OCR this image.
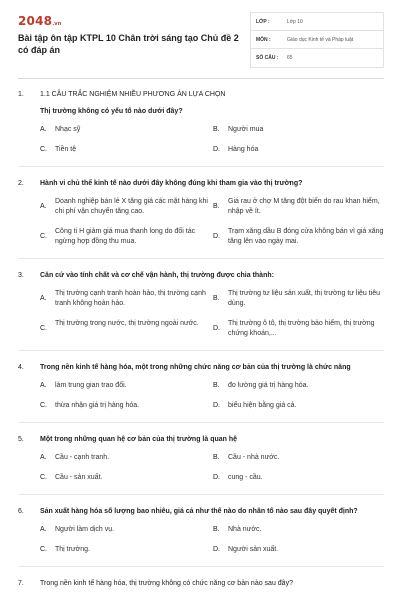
2048.vn
Bài tập ôn tập KTPL 10 Chân trời sáng tạo Chủ đề 2 có đáp án
LỚP :	Lớp 10
MÔN :	Giáo dục Kinh tế và Pháp luật
SỐ CÂU :	65
1.	1.1 CÂU TRẮC NGHIỆM NHIỀU PHƯƠNG ÁN LỰA CHỌN
Thị trường không có yếu tố nào dưới đây?
A.	Nhạc sỹ	B.	Người mua
C.	Tiền tệ	D.	Hàng hóa
2.	Hành vi chủ thể kinh tế nào dưới đây không đúng khi tham gia vào thị trường?
A.
Doanh nghiệp bán lẻ X tăng giá các mặt hàng khi chi phí vận chuyển tăng cao.
B.
Giá rau ở chợ M tăng đột biến do rau khan hiếm, nhập về ít.
C.
Công ti H giảm giá mua thanh long do đối tác ngừng hợp đồng thu mua.
D.
Trạm xăng dầu B đóng cửa không bán vì giá xăng tăng lên vào ngày mai.
3.	Căn cứ vào tính chất và cơ chế vận hành, thị trường được chia thành:
A.
Thị trường cạnh tranh hoàn hảo, thị trường cạnh tranh không hoàn hảo.
B.
Thị trường tư liệu sản xuất, thị trường tư liệu tiêu dùng.
C.
Thị trường trong nước, thị trường ngoài nước.
D.
Thị trường ô tô, thị trường bảo hiểm, thị trường chứng khoán,...
4.	Trong nền kinh tế hàng hóa, một trong những chức năng cơ bản của thị trường là chức năng
A.	làm trung gian trao đổi.	B.	đo lường giá trị hàng hóa.
C.	thừa nhận giá trị hàng hóa.	D.	biểu hiện bằng giá cả.
5.	Một trong những quan hệ cơ bản của thị trường là quan hệ
A.	Cầu - cạnh tranh.	B.	Cầu - nhà nước.
C.	Cầu - sản xuất.	D.	cung - cầu.
6.	Sản xuất hàng hóa số lượng bao nhiêu, giá cả như thế nào do nhân tố nào sau đây quyết định?
A.	Người làm dịch vụ.	B.	Nhà nước.
C.	Thị trường.	D.	Người sản xuất.
7.	Trong nền kinh tế hàng hóa, thị trường không có chức năng cơ bản nào sau đây?
